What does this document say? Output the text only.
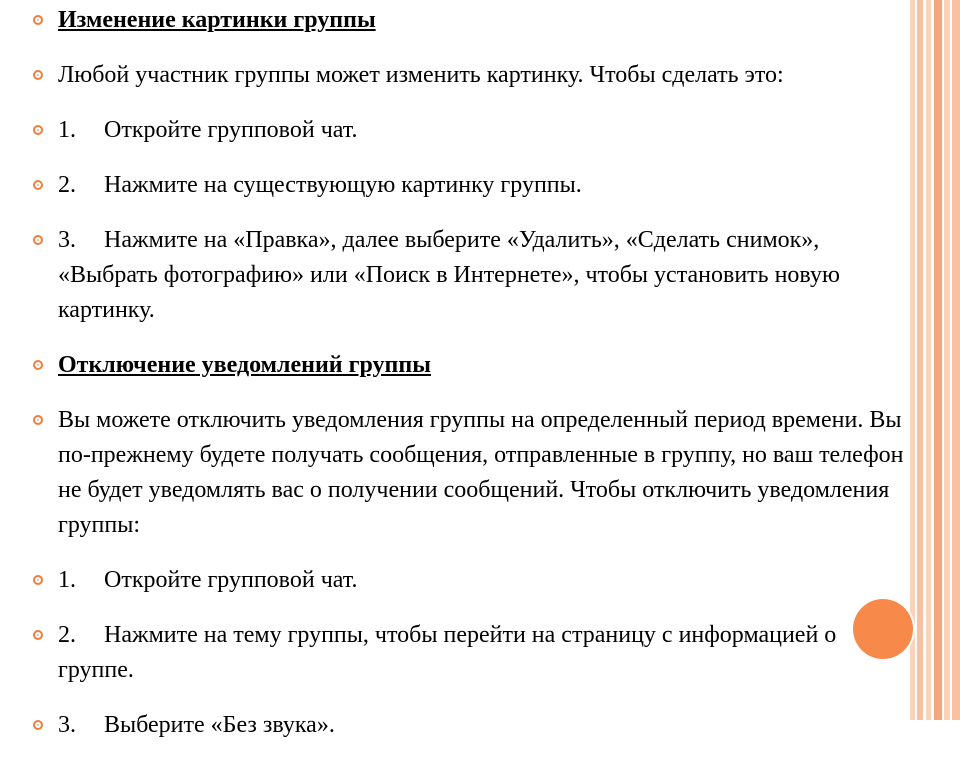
Изменение картинки группы
Любой участник группы может изменить картинку. Чтобы сделать это:
1. Откройте групповой чат.
2. Нажмите на существующую картинку группы.
3. Нажмите на «Правка», далее выберите «Удалить», «Сделать снимок», «Выбрать фотографию» или «Поиск в Интернете», чтобы установить новую картинку.
Отключение уведомлений группы
Вы можете отключить уведомления группы на определенный период времени. Вы по-прежнему будете получать сообщения, отправленные в группу, но ваш телефон не будет уведомлять вас о получении сообщений. Чтобы отключить уведомления группы:
1. Откройте групповой чат.
2. Нажмите на тему группы, чтобы перейти на страницу с информацией о группе.
3. Выберите «Без звука».
